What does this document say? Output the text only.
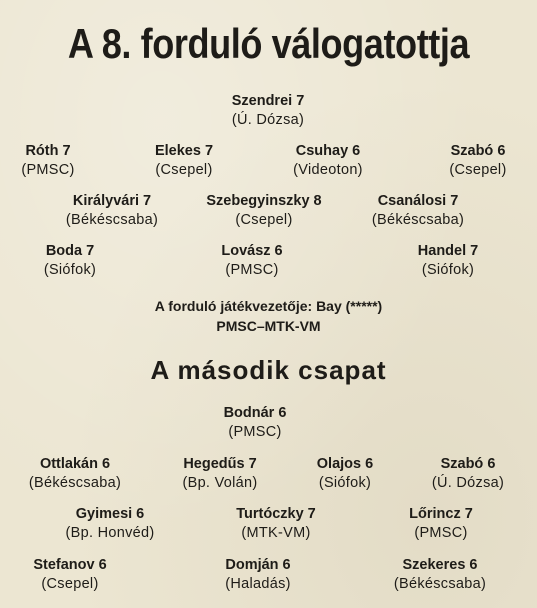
A 8. forduló válogatottja
Szendrei 7
(Ú. Dózsa)
Róth 7
(PMSC)
Elekes 7
(Csepel)
Csuhay 6
(Videoton)
Szabó 6
(Csepel)
Királyvári 7
(Békéscsaba)
Szebegyinszky 8
(Csepel)
Csanálosi 7
(Békéscsaba)
Boda 7
(Siófok)
Lovász 6
(PMSC)
Handel 7
(Siófok)
A forduló játékvezetője: Bay (*****)
PMSC–MTK-VM
A második csapat
Bodnár 6
(PMSC)
Ottlakán 6
(Békéscsaba)
Hegedűs 7
(Bp. Volán)
Olajos 6
(Siófok)
Szabó 6
(Ú. Dózsa)
Gyimesi 6
(Bp. Honvéd)
Turtóczky 7
(MTK-VM)
Lőrincz 7
(PMSC)
Stefanov 6
(Csepel)
Domján 6
(Haladás)
Szekeres 6
(Békéscsaba)
